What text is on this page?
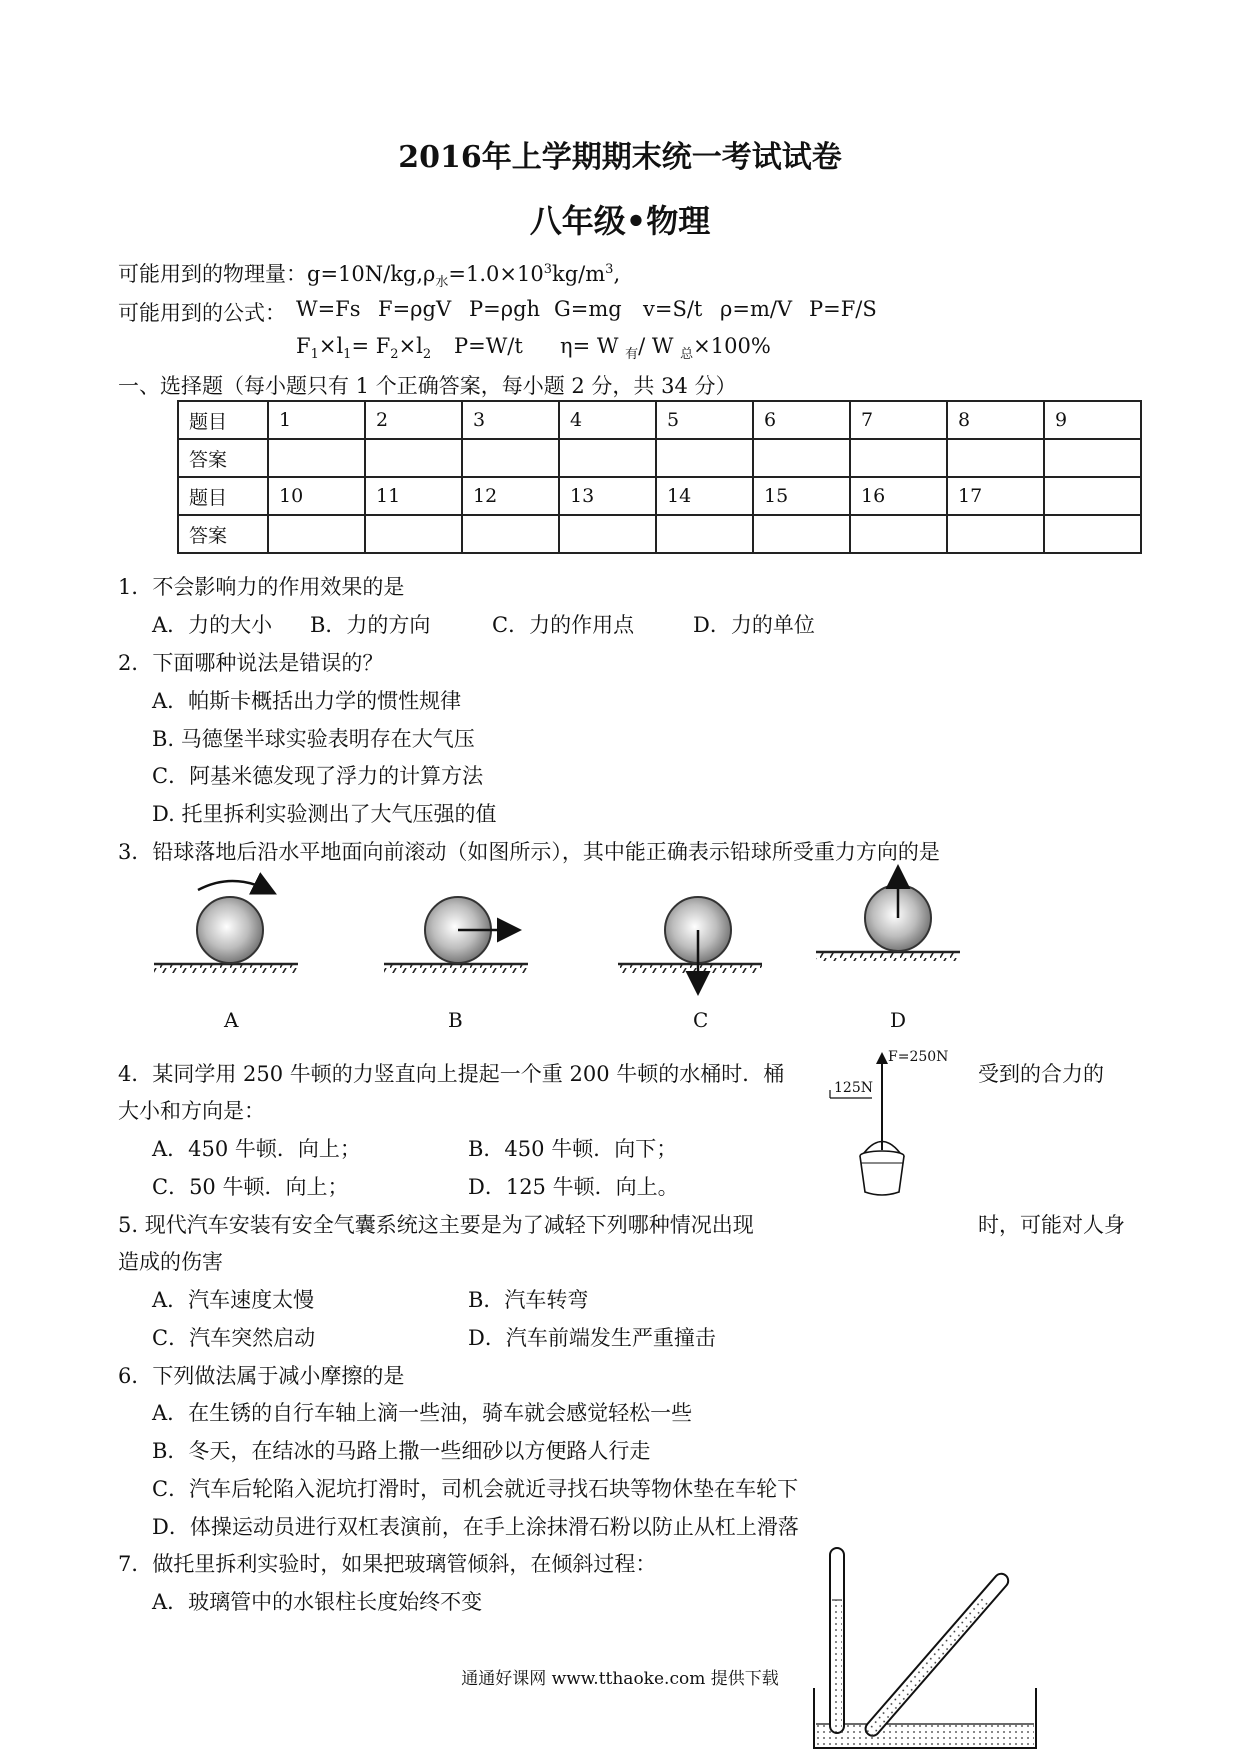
2016年上学期期末统一考试试卷
八年级•物理
可能用到的物理量：$g=10N/kg,\rho_水=1.0\times 10^3kg/m^3$,
可能用到的公式： W=Fs F=ρgV P=ρgh G=mg v=S/t ρ=m/V P=F/S
$F_1\times l_1= F_2\times l_2$ P=W/t η= W $_有$/ W $_总$×100%
一、选择题（每小题只有 1 个正确答案，每小题 2 分，共 34 分）
题目	1	2	3	4	5	6	7	8	9
答案									
题目	10	11	12	13	14	15	16	17	
答案									
1．不会影响力的作用效果的是
A．力的大小 B．力的方向	C．力的作用点	D．力的单位
2．下面哪种说法是错误的？
A．帕斯卡概括出力学的惯性规律
B. 马德堡半球实验表明存在大气压
C．阿基米德发现了浮力的计算方法
D. 托里拆利实验测出了大气压强的值
3．铅球落地后沿水平地面向前滚动（如图所示），其中能正确表示铅球所受重力方向的是
A	B	C	D
4．某同学用 250 牛顿的力竖直向上提起一个重 200 牛顿的水桶时．桶	受到的合力的
大小和方向是：
A．450 牛顿．向上；	B．450 牛顿．向下；
C．50 牛顿．向上；	D．125 牛顿．向上。
F=250N
125N
5. 现代汽车安装有安全气囊系统这主要是为了减轻下列哪种情况出现	时，可能对人身
造成的伤害
A．汽车速度太慢	B．汽车转弯
C．汽车突然启动	D．汽车前端发生严重撞击
6．下列做法属于减小摩擦的是
A．在生锈的自行车轴上滴一些油，骑车就会感觉轻松一些
B．冬天，在结冰的马路上撒一些细砂以方便路人行走
C．汽车后轮陷入泥坑打滑时，司机会就近寻找石块等物休垫在车轮下
D．体操运动员进行双杠表演前，在手上涂抹滑石粉以防止从杠上滑落
7．做托里拆利实验时，如果把玻璃管倾斜，在倾斜过程：
A．玻璃管中的水银柱长度始终不变
通通好课网 www.tthaoke.com 提供下载
